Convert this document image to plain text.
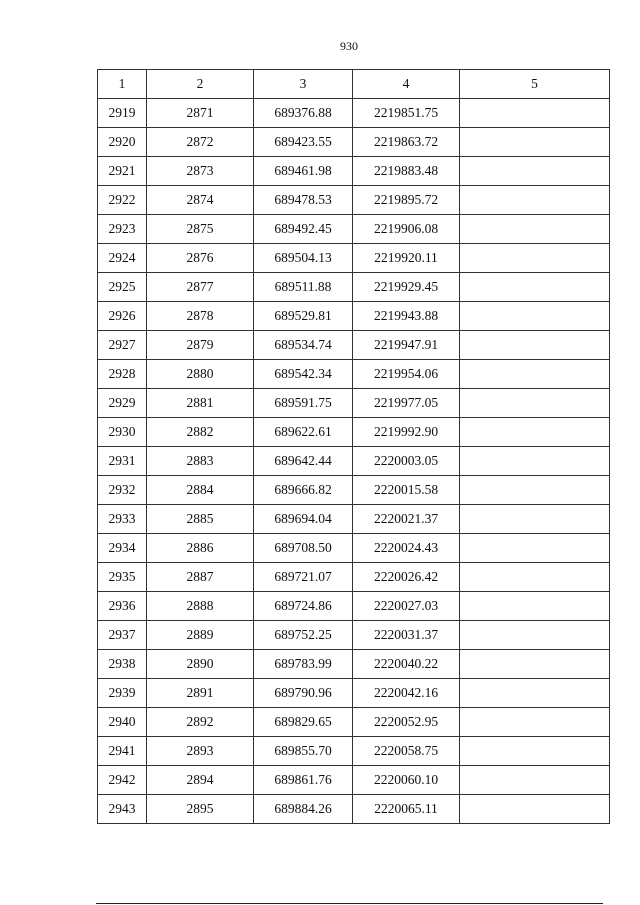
930
1	2	3	4	5
2919	2871	689376.88	2219851.75	
2920	2872	689423.55	2219863.72	
2921	2873	689461.98	2219883.48	
2922	2874	689478.53	2219895.72	
2923	2875	689492.45	2219906.08	
2924	2876	689504.13	2219920.11	
2925	2877	689511.88	2219929.45	
2926	2878	689529.81	2219943.88	
2927	2879	689534.74	2219947.91	
2928	2880	689542.34	2219954.06	
2929	2881	689591.75	2219977.05	
2930	2882	689622.61	2219992.90	
2931	2883	689642.44	2220003.05	
2932	2884	689666.82	2220015.58	
2933	2885	689694.04	2220021.37	
2934	2886	689708.50	2220024.43	
2935	2887	689721.07	2220026.42	
2936	2888	689724.86	2220027.03	
2937	2889	689752.25	2220031.37	
2938	2890	689783.99	2220040.22	
2939	2891	689790.96	2220042.16	
2940	2892	689829.65	2220052.95	
2941	2893	689855.70	2220058.75	
2942	2894	689861.76	2220060.10	
2943	2895	689884.26	2220065.11	
